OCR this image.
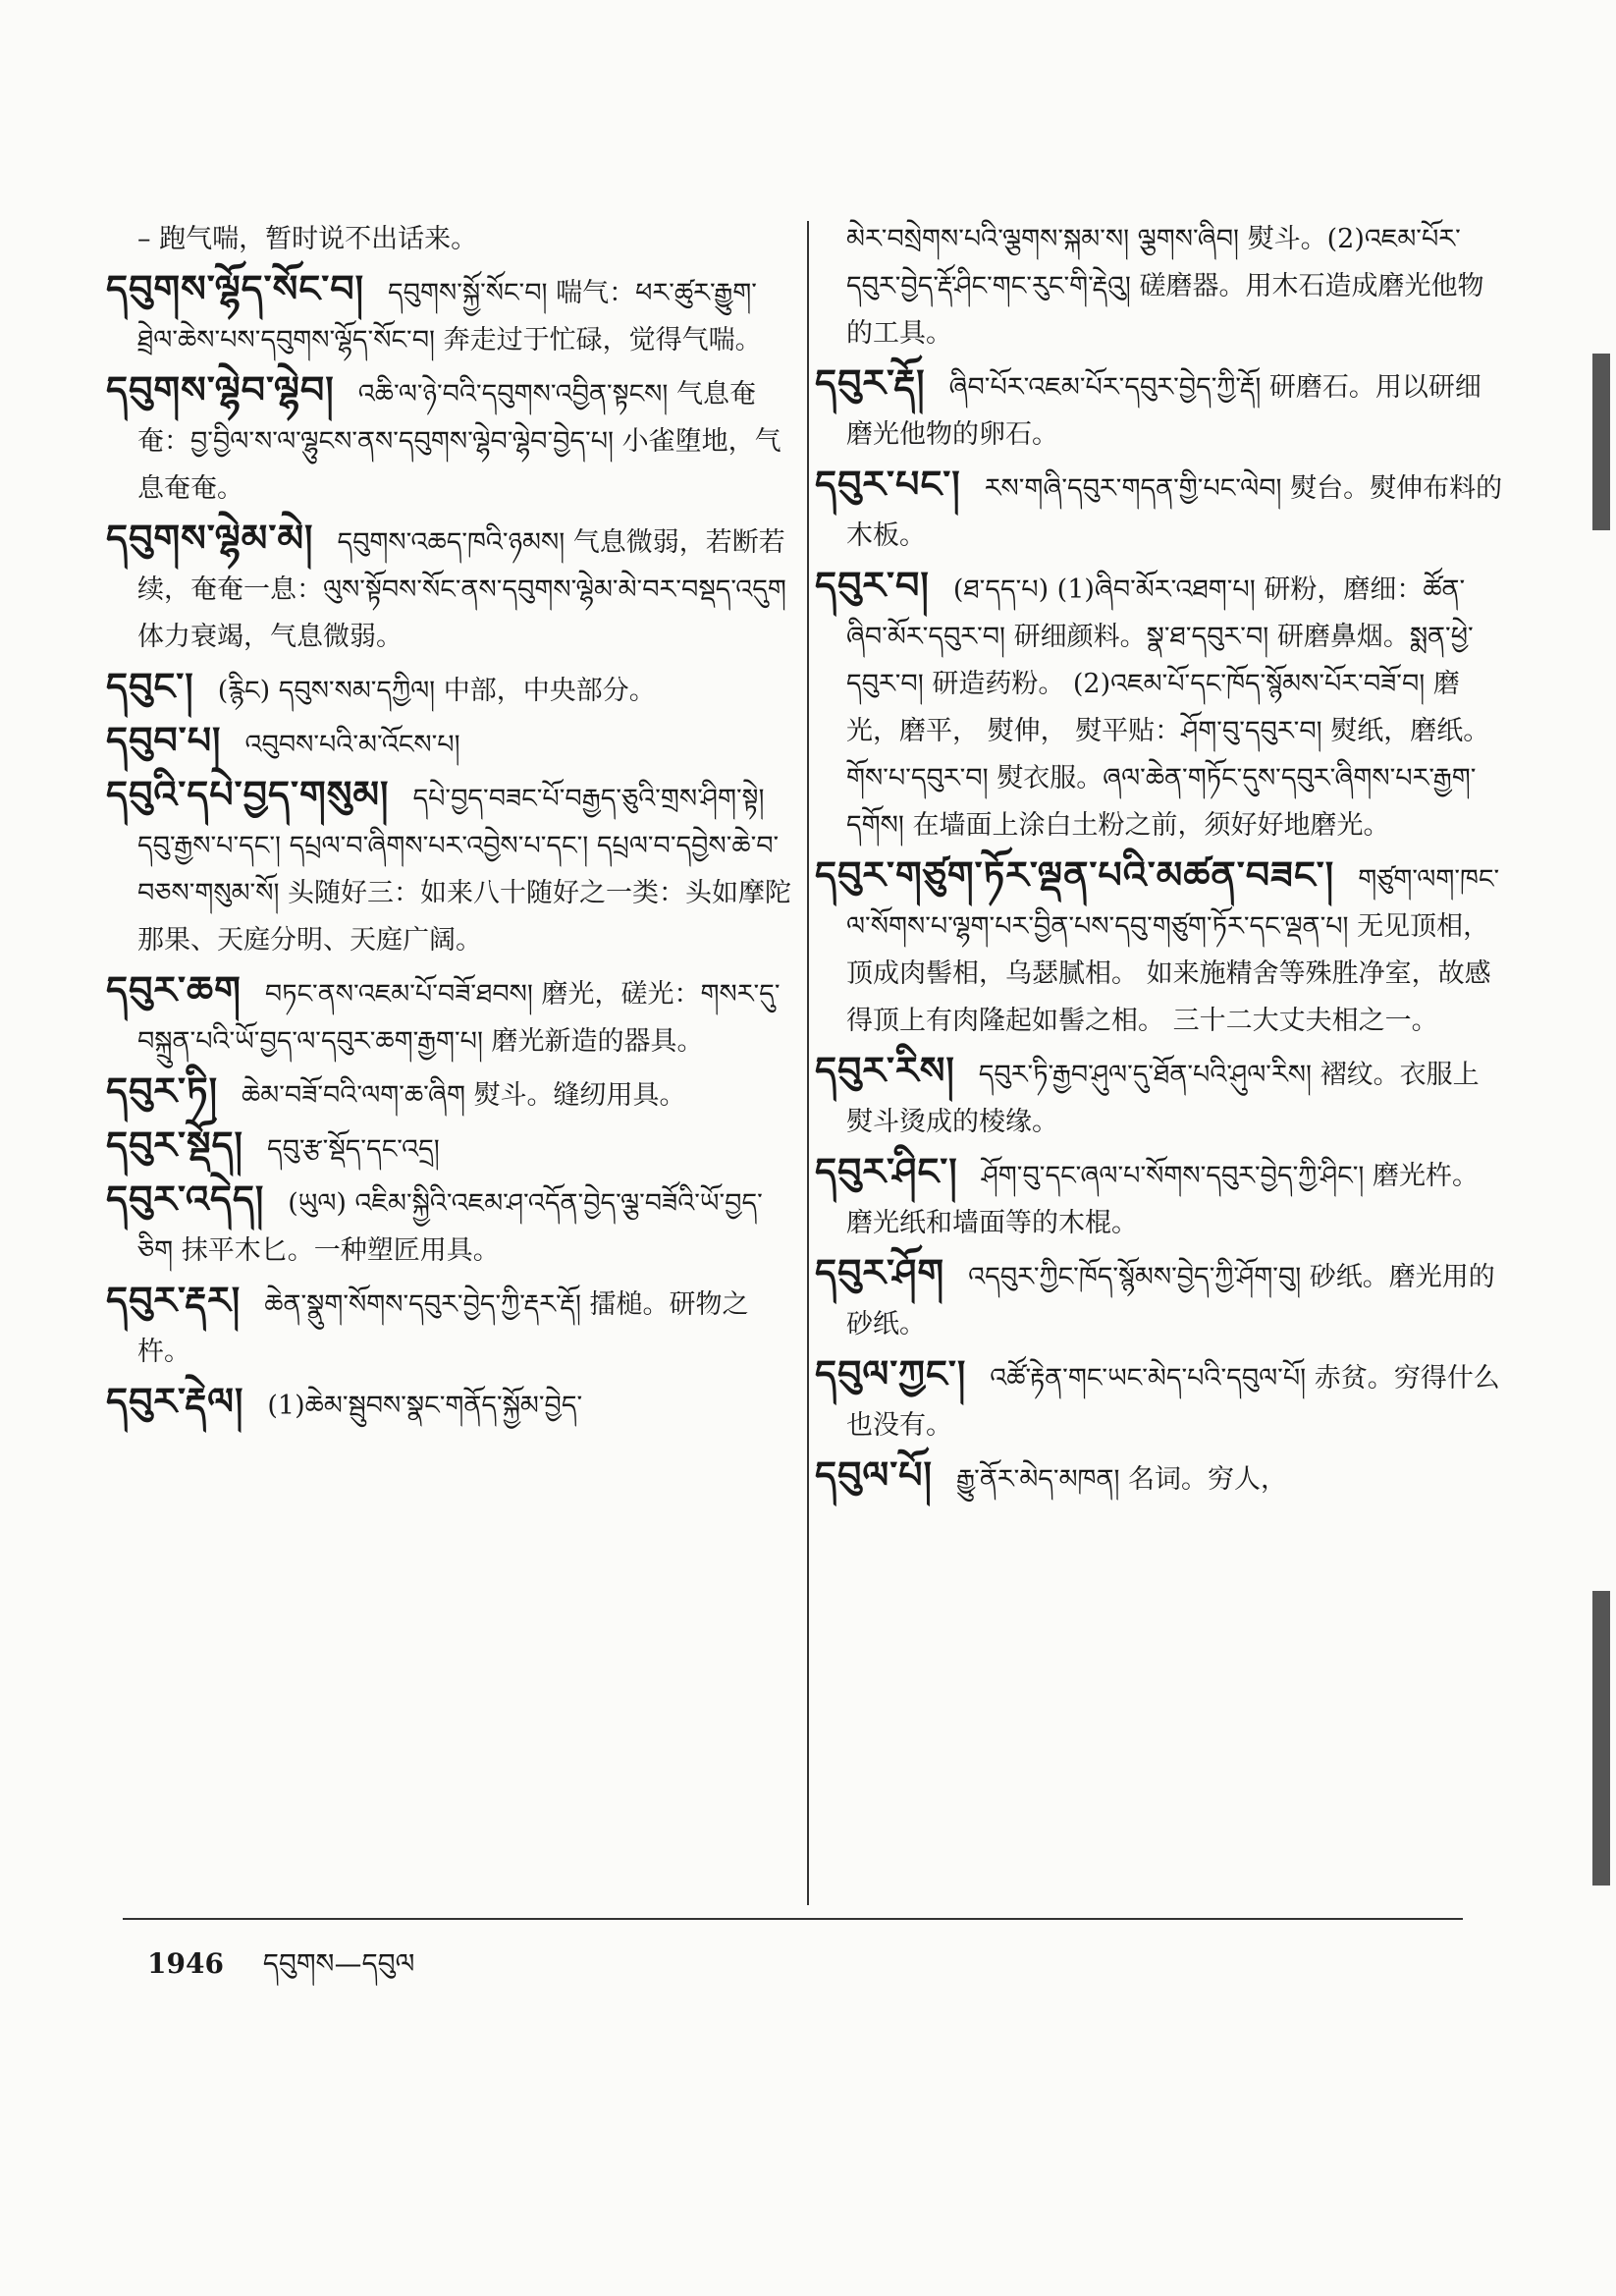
– 跑气喘，暂时说不出话来。
དབུགས་ལྷོད་སོང་བ། དབུགས་སྐྱོ་སོང་བ། 喘气：ཕར་ཚུར་རྒྱུག་ཐྲེལ་ཆེས་པས་དབུགས་ལྷོད་སོང་བ། 奔走过于忙碌，觉得气喘。
དབུགས་ལྷེབ་ལྷེབ། འཆི་ལ་ཉེ་བའི་དབུགས་འབྱིན་སྟངས། 气息奄奄：བྱ་བྱིལ་ས་ལ་ལྷུངས་ནས་དབུགས་ལྷེབ་ལྷེབ་བྱེད་པ། 小雀堕地，气息奄奄。
དབུགས་ལྷེམ་མེ། དབུགས་འཆད་ཁའི་ཉམས། 气息微弱，若断若续，奄奄一息：ལུས་སྟོབས་སོང་ནས་དབུགས་ལྷེམ་མེ་བར་བསྡད་འདུག 体力衰竭，气息微弱。
དབུང་། (རྙིང) དབུས་སམ་དཀྱིལ། 中部，中央部分。
དབུབ་པ། འབུབས་པའི་མ་འོངས་པ།
དབུའི་དཔེ་བྱད་གསུམ། དཔེ་བྱད་བཟང་པོ་བརྒྱད་ཅུའི་གྲས་ཤིག་སྟེ། དབུ་རྒྱས་པ་དང་། དཔྲལ་བ་ཞིགས་པར་འབྱེས་པ་དང་། དཔྲལ་བ་དབྱེས་ཆེ་བ་བཅས་གསུམ་སོ། 头随好三：如来八十随好之一类：头如摩陀那果、天庭分明、天庭广阔。
དབུར་ཆག བཏང་ནས་འཇམ་པོ་བཟོ་ཐབས། 磨光，磋光：གསར་དུ་བསྐྲུན་པའི་ཡོ་བྱད་ལ་དབུར་ཆག་རྒྱག་པ། 磨光新造的器具。
དབུར་ཏི། ཆེམ་བཟོ་བའི་ལག་ཆ་ཞིག 熨斗。缝纫用具。
དབུར་སྡོད། དབུ་རྩ་སྡོད་དང་འདྲ།
དབུར་འདེད། (ཡུལ) འཇིམ་སྐྱིའི་འཇམ་ཤ་འདོན་བྱེད་ལྕ་བཟོའི་ཡོ་བྱད་ཅིག 抹平木匕。一种塑匠用具。
དབུར་རྡར། ཆེན་སྣུག་སོགས་དབུར་བྱེད་ཀྱི་རྡར་རྡོ། 擂槌。研物之杵。
དབུར་རྡེལ། (1)ཆེམ་སྦུབས་སྣང་གནོད་སྐྱོམ་བྱེད་
མེར་བསྲེགས་པའི་ལྕགས་སྐམ་ས། ལྕགས་ཞིབ། 熨斗。(2)འཇམ་པོར་དབུར་བྱེད་རྡོ་ཤིང་གང་རུང་གི་རྡེའུ། 磋磨器。用木石造成磨光他物的工具。
དབུར་རྡོ། ཞིབ་པོར་འཇམ་པོར་དབུར་བྱེད་ཀྱི་རྡོ། 研磨石。用以研细磨光他物的卵石。
དབུར་པང་། རས་གཞི་དབུར་གདན་གྱི་པང་ལེབ། 熨台。熨伸布料的木板。
དབུར་བ། (ཐ་དད་པ) (1)ཞིབ་མོར་འཐག་པ། 研粉，磨细：ཚོན་ཞིབ་མོར་དབུར་བ། 研细颜料。སྣ་ཐ་དབུར་བ། 研磨鼻烟。སྨན་ཕྱེ་དབུར་བ། 研造药粉。 (2)འཇམ་པོ་དང་ཁོད་སྙོམས་པོར་བཟོ་བ། 磨光，磨平， 熨伸， 熨平贴：ཤོག་བུ་དབུར་བ། 熨纸，磨纸。གོས་པ་དབུར་བ། 熨衣服。ཞལ་ཆེན་གཏོང་དུས་དབུར་ཞིགས་པར་རྒྱག་དགོས། 在墙面上涂白土粉之前，须好好地磨光。
དབུར་གཙུག་ཏོར་ལྡན་པའི་མཚན་བཟང་། གཙུག་ལག་ཁང་ལ་སོགས་པ་ལྷག་པར་བྱིན་པས་དབུ་གཙུག་ཏོར་དང་ལྡན་པ། 无见顶相，顶成肉髻相，乌瑟腻相。 如来施精舍等殊胜净室，故感得顶上有肉隆起如髻之相。 三十二大丈夫相之一。
དབུར་རིས། དབུར་ཏི་རྒྱབ་ཤུལ་དུ་ཐོན་པའི་ཤུལ་རིས། 褶纹。衣服上熨斗烫成的棱缘。
དབུར་ཤིང་། ཤོག་བུ་དང་ཞལ་པ་སོགས་དབུར་བྱེད་ཀྱི་ཤིང་། 磨光杵。磨光纸和墙面等的木棍。
དབུར་ཤོག འདབུར་ཀྱིང་ཁོད་སྙོམས་བྱེད་ཀྱི་ཤོག་བུ། 砂纸。磨光用的砂纸。
དབུལ་ཀྱང་། འཚོ་རྟེན་གང་ཡང་མེད་པའི་དབུལ་པོ། 赤贫。穷得什么也没有。
དབུལ་པོ། རྒྱུ་ནོར་མེད་མཁན། 名词。穷人，
1946 དབུགས—དབུལ
